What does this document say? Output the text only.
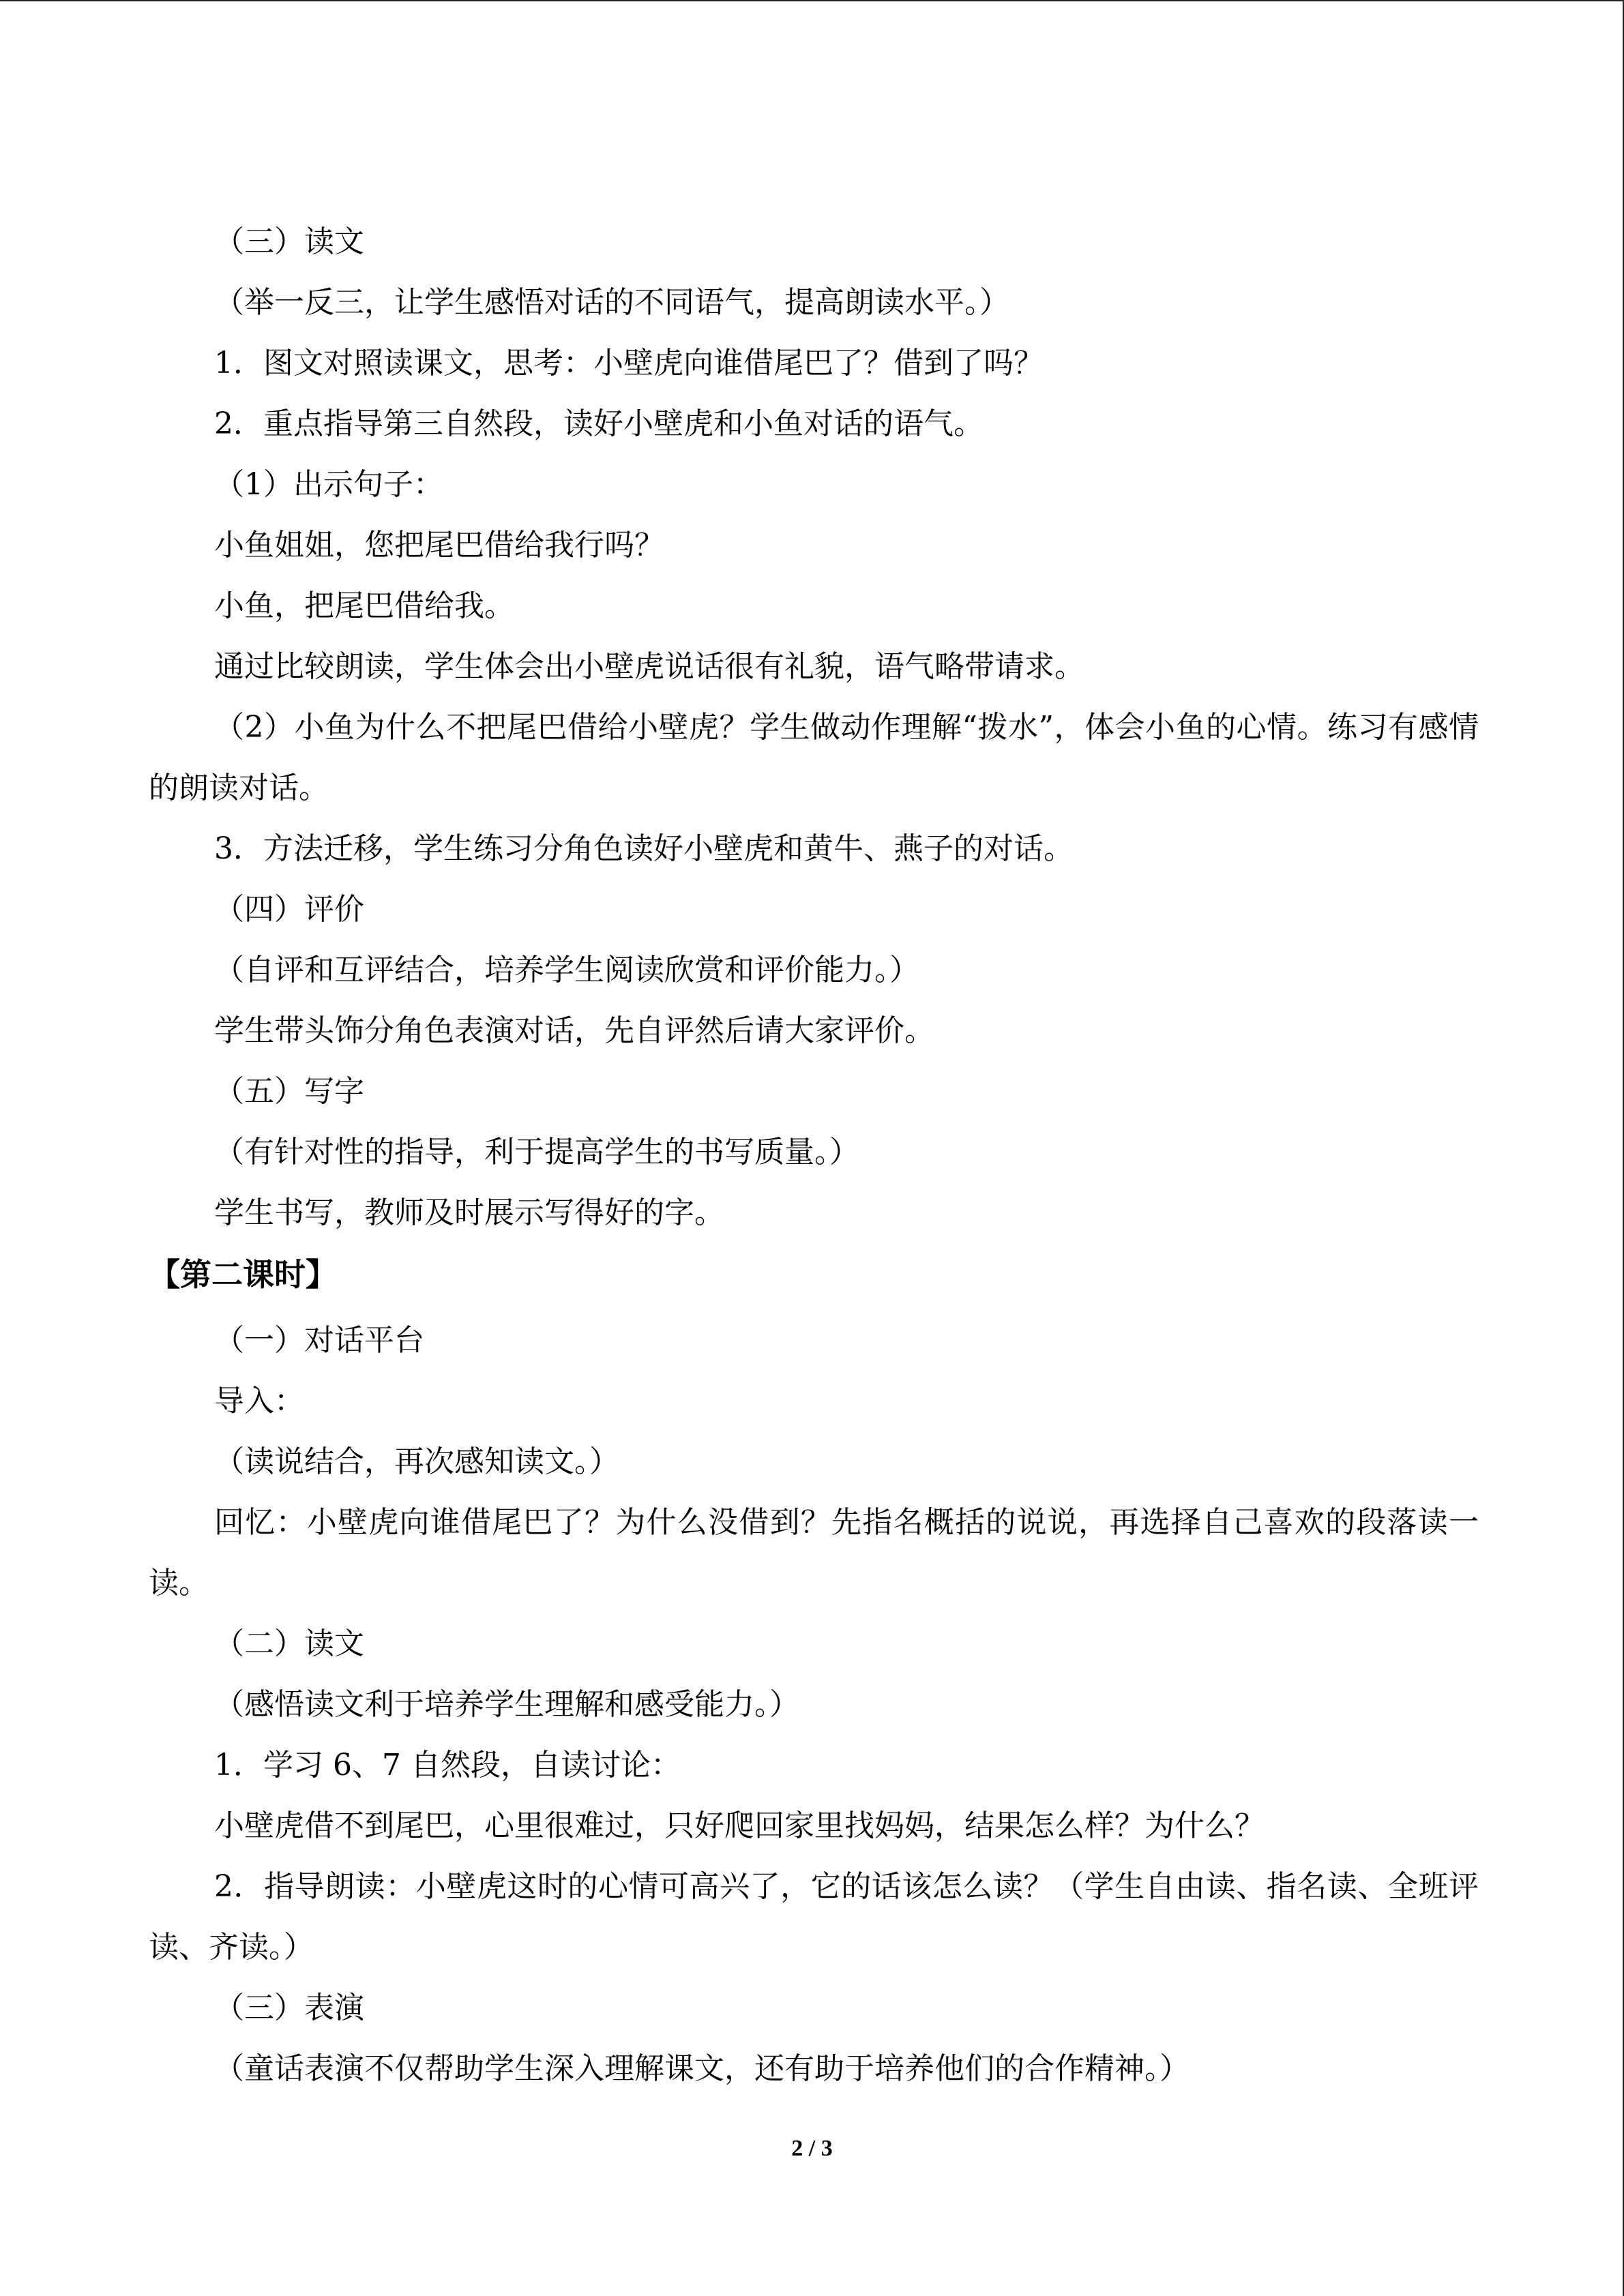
（三）读文

（举一反三，让学生感悟对话的不同语气，提高朗读水平。）

1．图文对照读课文，思考：小壁虎向谁借尾巴了？借到了吗？

2．重点指导第三自然段，读好小壁虎和小鱼对话的语气。

（1）出示句子：

小鱼姐姐，您把尾巴借给我行吗？

小鱼，把尾巴借给我。

通过比较朗读，学生体会出小壁虎说话很有礼貌，语气略带请求。

（2）小鱼为什么不把尾巴借给小壁虎？学生做动作理解“拨水”，体会小鱼的心情。练习有感情的朗读对话。

3．方法迁移，学生练习分角色读好小壁虎和黄牛、燕子的对话。

（四）评价

（自评和互评结合，培养学生阅读欣赏和评价能力。）

学生带头饰分角色表演对话，先自评然后请大家评价。

（五）写字

（有针对性的指导，利于提高学生的书写质量。）

学生书写，教师及时展示写得好的字。

【第二课时】

（一）对话平台

导入：

（读说结合，再次感知读文。）

回忆：小壁虎向谁借尾巴了？为什么没借到？先指名概括的说说，再选择自己喜欢的段落读一读。

（二）读文

（感悟读文利于培养学生理解和感受能力。）

1．学习 6、7 自然段，自读讨论：

小壁虎借不到尾巴，心里很难过，只好爬回家里找妈妈，结果怎么样？为什么？

2．指导朗读：小壁虎这时的心情可高兴了，它的话该怎么读？（学生自由读、指名读、全班评读、齐读。）

（三）表演

（童话表演不仅帮助学生深入理解课文，还有助于培养他们的合作精神。）

2 / 3
